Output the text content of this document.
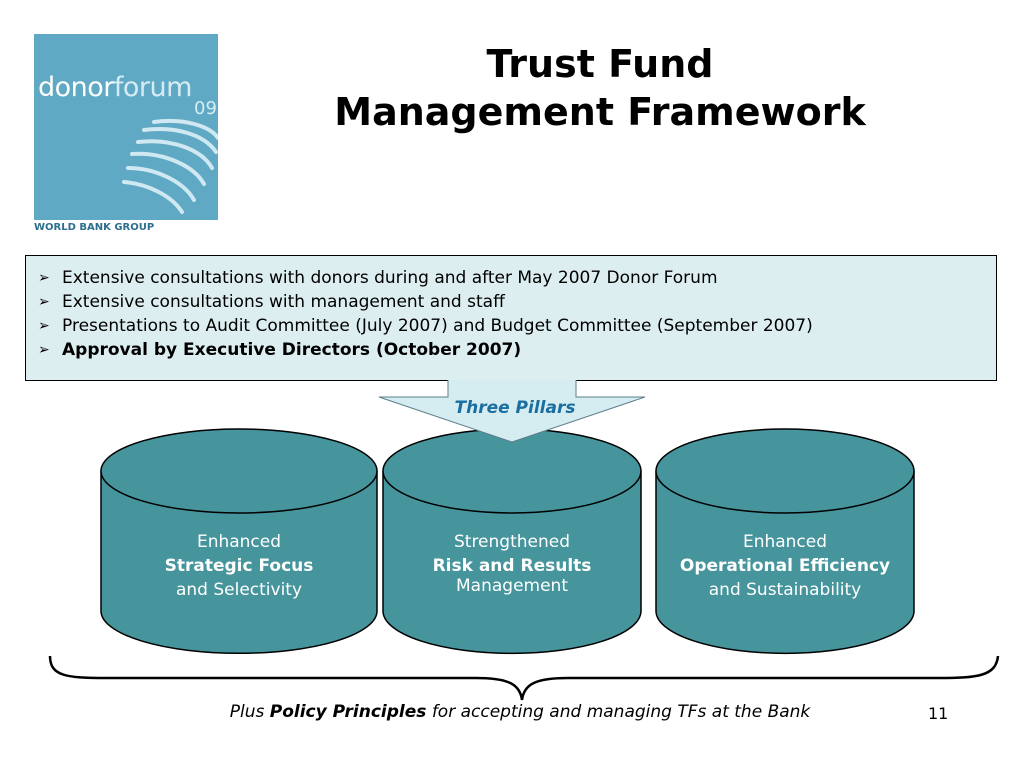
donorforum
09
WORLD BANK GROUP
Trust Fund
Management Framework
➢ Extensive consultations with donors during and after May 2007 Donor Forum
➢ Extensive consultations with management and staff
➢ Presentations to Audit Committee (July 2007) and Budget Committee (September 2007)
➢ Approval by Executive Directors (October 2007)
Enhanced
Strategic Focus
and Selectivity
Strengthened
Risk and Results
Management
Enhanced
Operational Efficiency
and Sustainability
Three Pillars
Plus Policy Principles for accepting and managing TFs at the Bank	11
